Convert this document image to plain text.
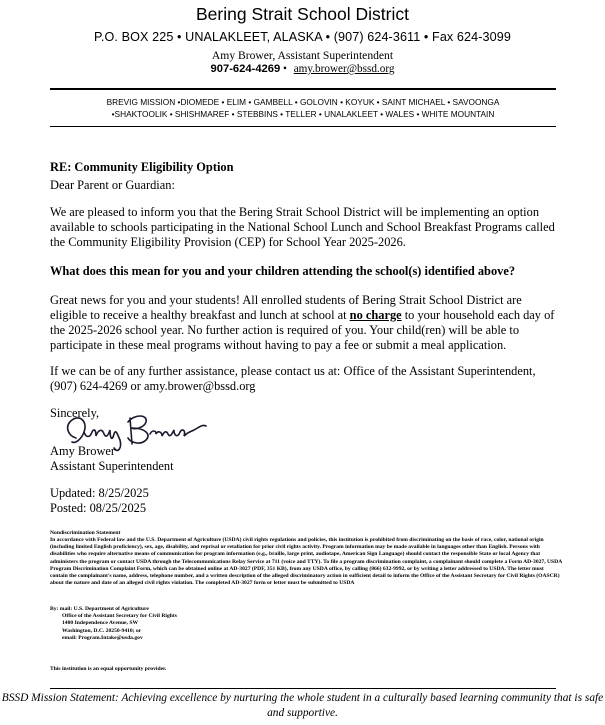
Bering Strait School District
P.O. BOX 225 • UNALAKLEET, ALASKA • (907) 624-3611 • Fax 624-3099
Amy Brower, Assistant Superintendent
907-624-4269 • amy.brower@bssd.org
BREVIG MISSION •DIOMEDE • ELIM • GAMBELL • GOLOVIN • KOYUK • SAINT MICHAEL • SAVOONGA
•SHAKTOOLIK • SHISHMAREF • STEBBINS • TELLER • UNALAKLEET • WALES • WHITE MOUNTAIN
RE: Community Eligibility Option
Dear Parent or Guardian:
We are pleased to inform you that the Bering Strait School District will be implementing an option available to schools participating in the National School Lunch and School Breakfast Programs called the Community Eligibility Provision (CEP) for School Year 2025-2026.
What does this mean for you and your children attending the school(s) identified above?
Great news for you and your students! All enrolled students of Bering Strait School District are eligible to receive a healthy breakfast and lunch at school at no charge to your household each day of the 2025-2026 school year. No further action is required of you. Your child(ren) will be able to participate in these meal programs without having to pay a fee or submit a meal application.
If we can be of any further assistance, please contact us at: Office of the Assistant Superintendent, (907) 624-4269 or amy.brower@bssd.org
Sincerely,
Amy Brower
Assistant Superintendent
Updated: 8/25/2025
Posted: 08/25/2025
Nondiscrimination Statement
In accordance with Federal law and the U.S. Department of Agriculture (USDA) civil rights regulations and policies, this institution is prohibited from discriminating on the basis of race, color, national origin (including limited English proficiency), sex, age, disability, and reprisal or retaliation for prior civil rights activity. Program information may be made available in languages other than English. Persons with disabilities who require alternative means of communication for program information (e.g., braille, large print, audiotape, American Sign Language) should contact the responsible State or local Agency that administers the program or contact USDA through the Telecommunications Relay Service at 711 (voice and TTY). To file a program discrimination complaint, a complainant should complete a Form AD-3027, USDA Program Discrimination Complaint Form, which can be obtained online at AD-3027 (PDF, 351 KB), from any USDA office, by calling (866) 632-9992, or by writing a letter addressed to USDA. The letter must contain the complainant's name, address, telephone number, and a written description of the alleged discriminatory action in sufficient detail to inform the Office of the Assistant Secretary for Civil Rights (OASCR) about the nature and date of an alleged civil rights violation. The completed AD-3027 form or letter must be submitted to USDA
By: mail: U.S. Department of Agriculture
Office of the Assistant Secretary for Civil Rights
1400 Independence Avenue, SW
Washington, D.C. 20250-9410; or
email: Program.Intake@usda.gov
This institution is an equal opportunity provider.
BSSD Mission Statement: Achieving excellence by nurturing the whole student in a culturally based learning community that is safe and supportive.
